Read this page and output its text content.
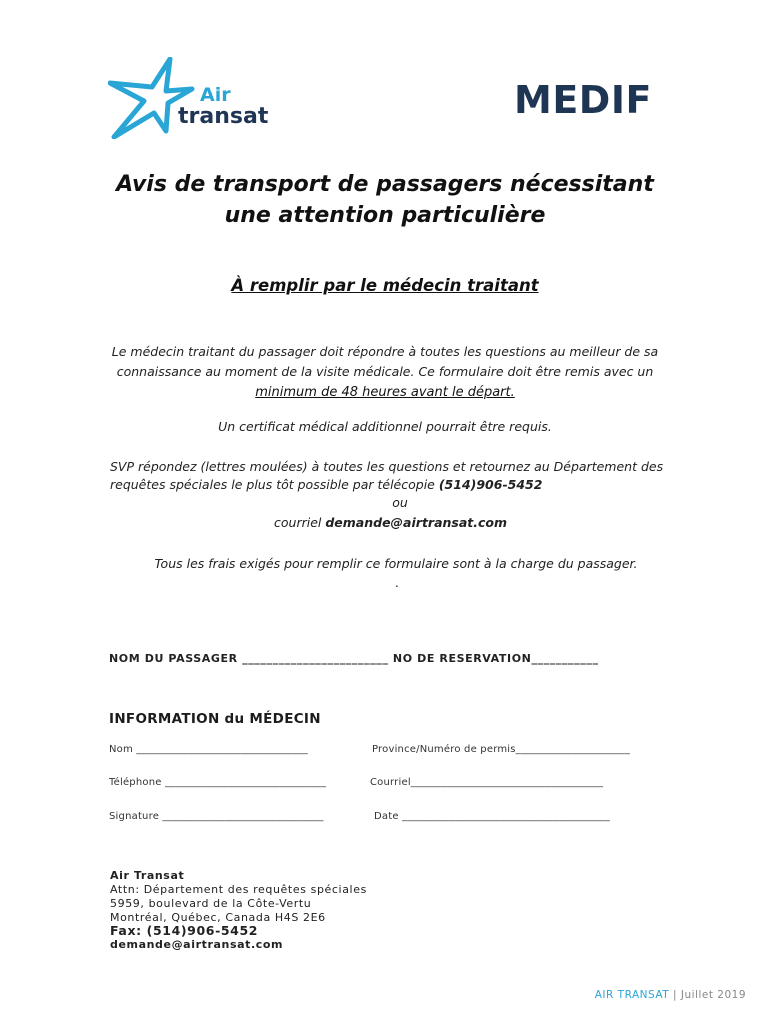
Air
transat	MEDIF
Avis de transport de passagers nécessitant
une attention particulière
À remplir par le médecin traitant
Le médecin traitant du passager doit répondre à toutes les questions au meilleur de sa
connaissance au moment de la visite médicale. Ce formulaire doit être remis avec un
minimum de 48 heures avant le départ.
Un certificat médical additionnel pourrait être requis.
SVP répondez (lettres moulées) à toutes les questions et retournez au Département des
requêtes spéciales le plus tôt possible par télécopie (514)906-5452
ou
courriel demande@airtransat.com
Tous les frais exigés pour remplir ce formulaire sont à la charge du passager.
.
NOM DU PASSAGER ________________________ NO DE RESERVATION___________
INFORMATION du MÉDECIN
Nom _________________________________	Province/Numéro de permis______________________
Téléphone _______________________________	Courriel_____________________________________
Signature _______________________________	Date ________________________________________
Air Transat
Attn: Département des requêtes spéciales
5959, boulevard de la Côte-Vertu
Montréal, Québec, Canada H4S 2E6
Fax: (514)906-5452
demande@airtransat.com
AIR TRANSAT | Juillet 2019
